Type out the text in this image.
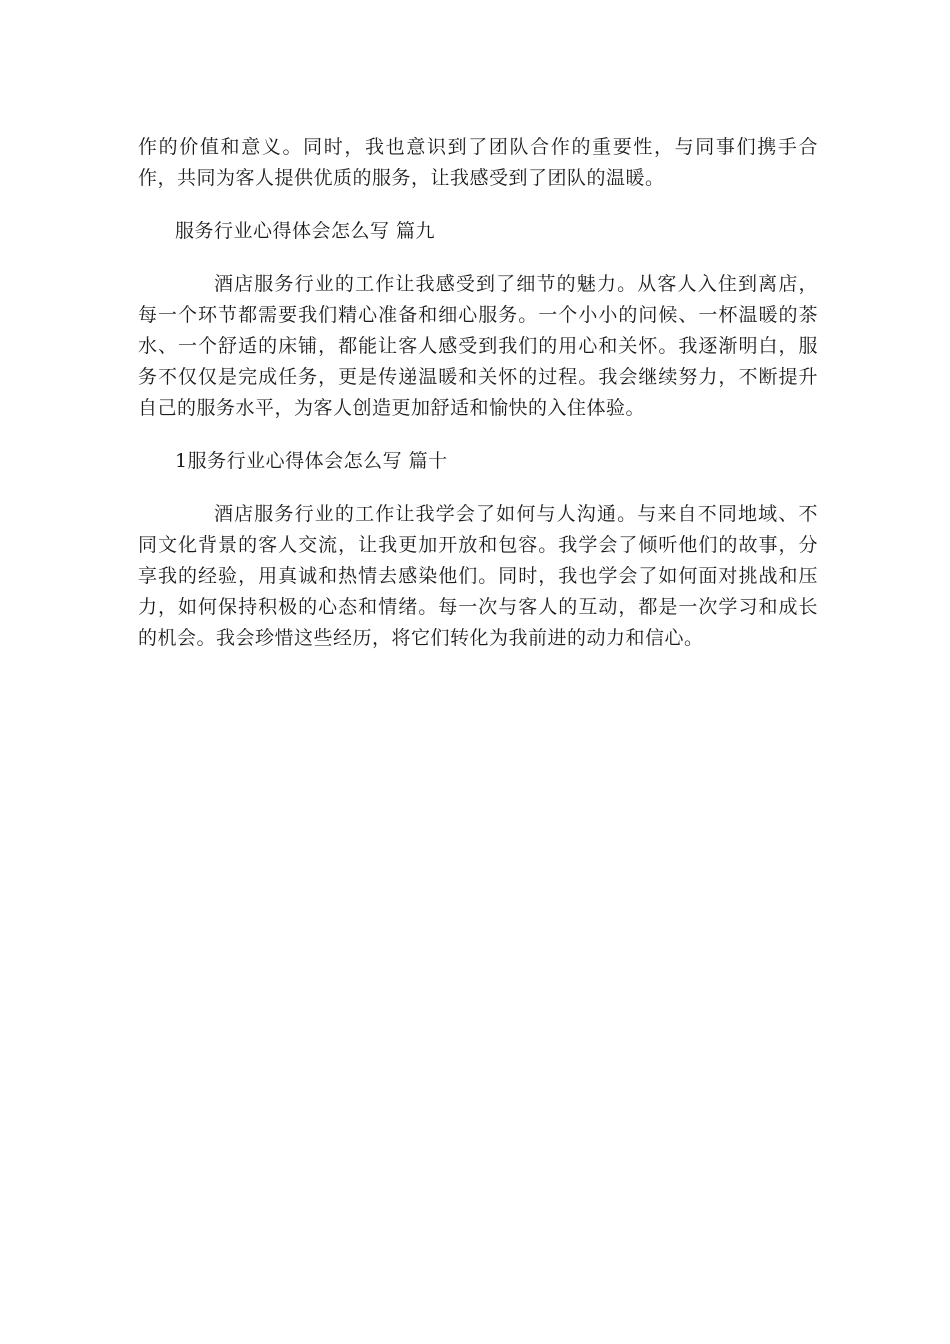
作的价值和意义。同时，我也意识到了团队合作的重要性，与同事们携手合作，共同为客人提供优质的服务，让我感受到了团队的温暖。

服务行业心得体会怎么写 篇九

酒店服务行业的工作让我感受到了细节的魅力。从客人入住到离店，每一个环节都需要我们精心准备和细心服务。一个小小的问候、一杯温暖的茶水、一个舒适的床铺，都能让客人感受到我们的用心和关怀。我逐渐明白，服务不仅仅是完成任务，更是传递温暖和关怀的过程。我会继续努力，不断提升自己的服务水平，为客人创造更加舒适和愉快的入住体验。

1服务行业心得体会怎么写 篇十

酒店服务行业的工作让我学会了如何与人沟通。与来自不同地域、不同文化背景的客人交流，让我更加开放和包容。我学会了倾听他们的故事，分享我的经验，用真诚和热情去感染他们。同时，我也学会了如何面对挑战和压力，如何保持积极的心态和情绪。每一次与客人的互动，都是一次学习和成长的机会。我会珍惜这些经历，将它们转化为我前进的动力和信心。
